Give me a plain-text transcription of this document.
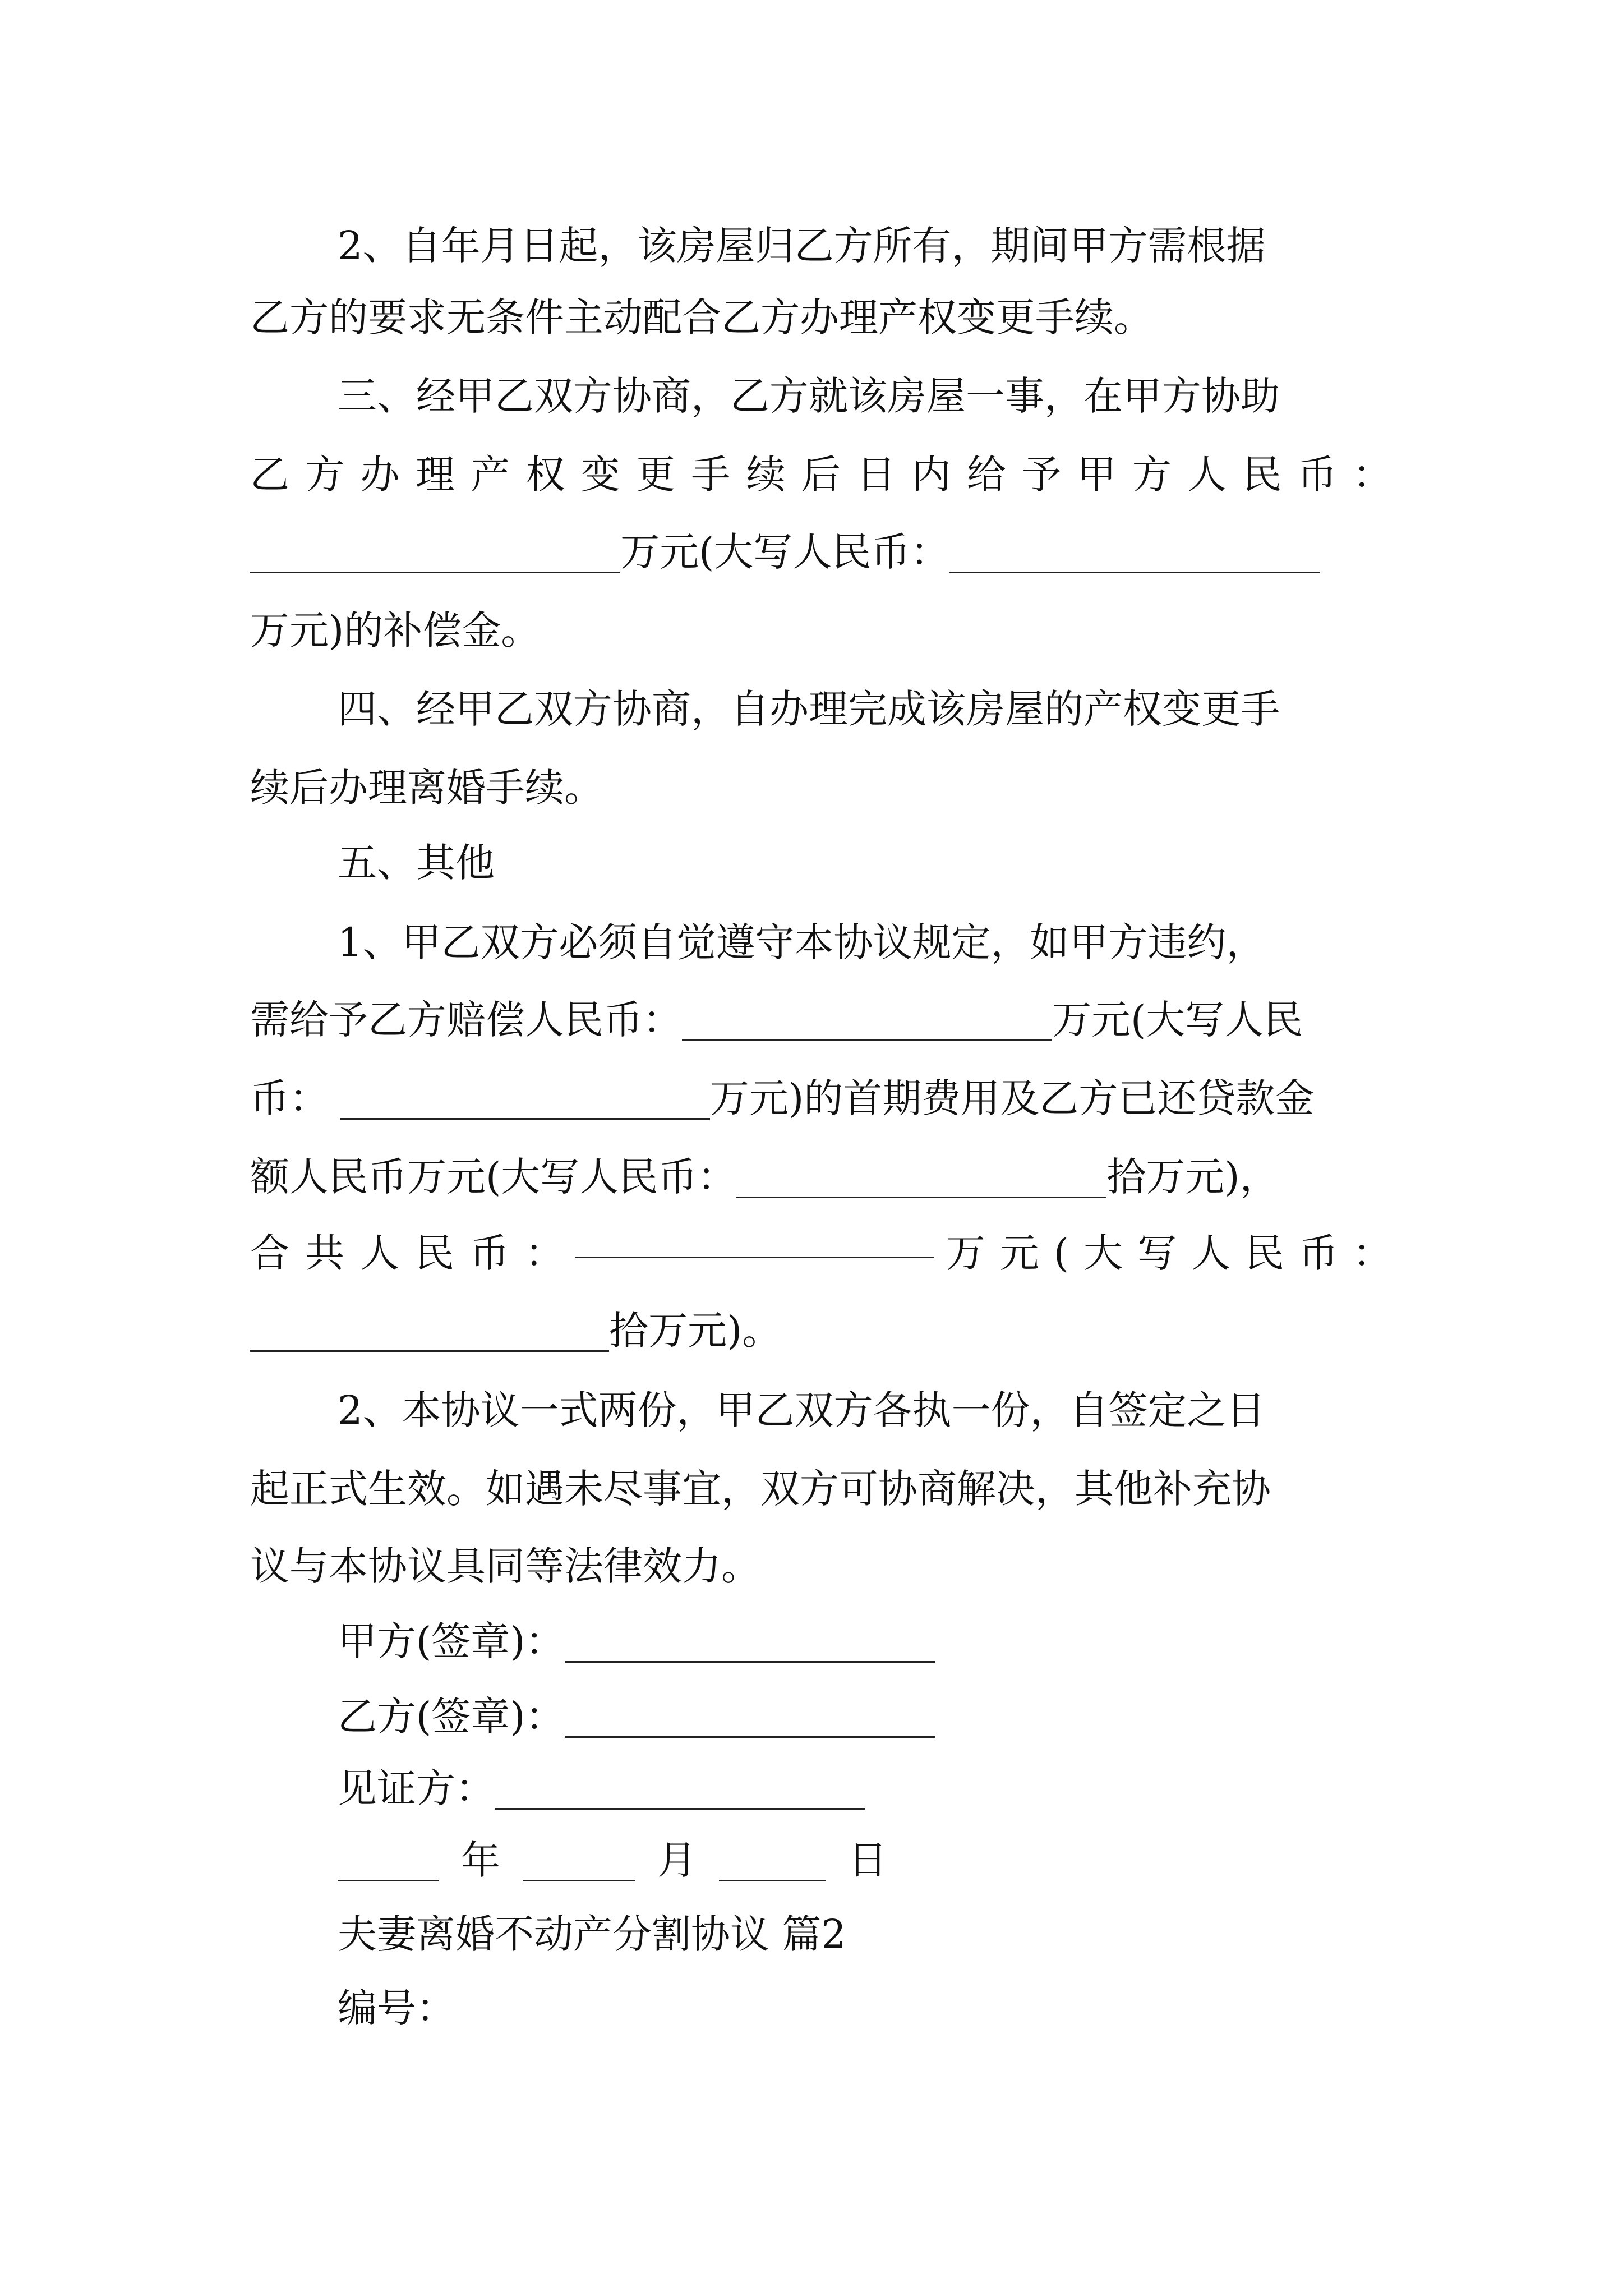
2、自年月日起，该房屋归乙方所有，期间甲方需根据
乙方的要求无条件主动配合乙方办理产权变更手续。
三、经甲乙双方协商，乙方就该房屋一事，在甲方协助
乙 方 办 理 产 权 变 更 手 续 后 日 内 给 予 甲 方 人 民 币 ：
万元(大写人民币：
万元)的补偿金。
四、经甲乙双方协商，自办理完成该房屋的产权变更手
续后办理离婚手续。
五、其他
1、甲乙双方必须自觉遵守本协议规定，如甲方违约，
需给予乙方赔偿人民币：	万元(大写人民
币：	万元)的首期费用及乙方已还贷款金
额人民币万元(大写人民币：	拾万元)，
合 共 人 民 币 ：	万 元 ( 大 写 人 民 币 ：
拾万元)。
2、本协议一式两份，甲乙双方各执一份，自签定之日
起正式生效。如遇未尽事宜，双方可协商解决，其他补充协
议与本协议具同等法律效力。
甲方(签章)：
乙方(签章)：
见证方：
年	月	日
夫妻离婚不动产分割协议 篇2
编号：
